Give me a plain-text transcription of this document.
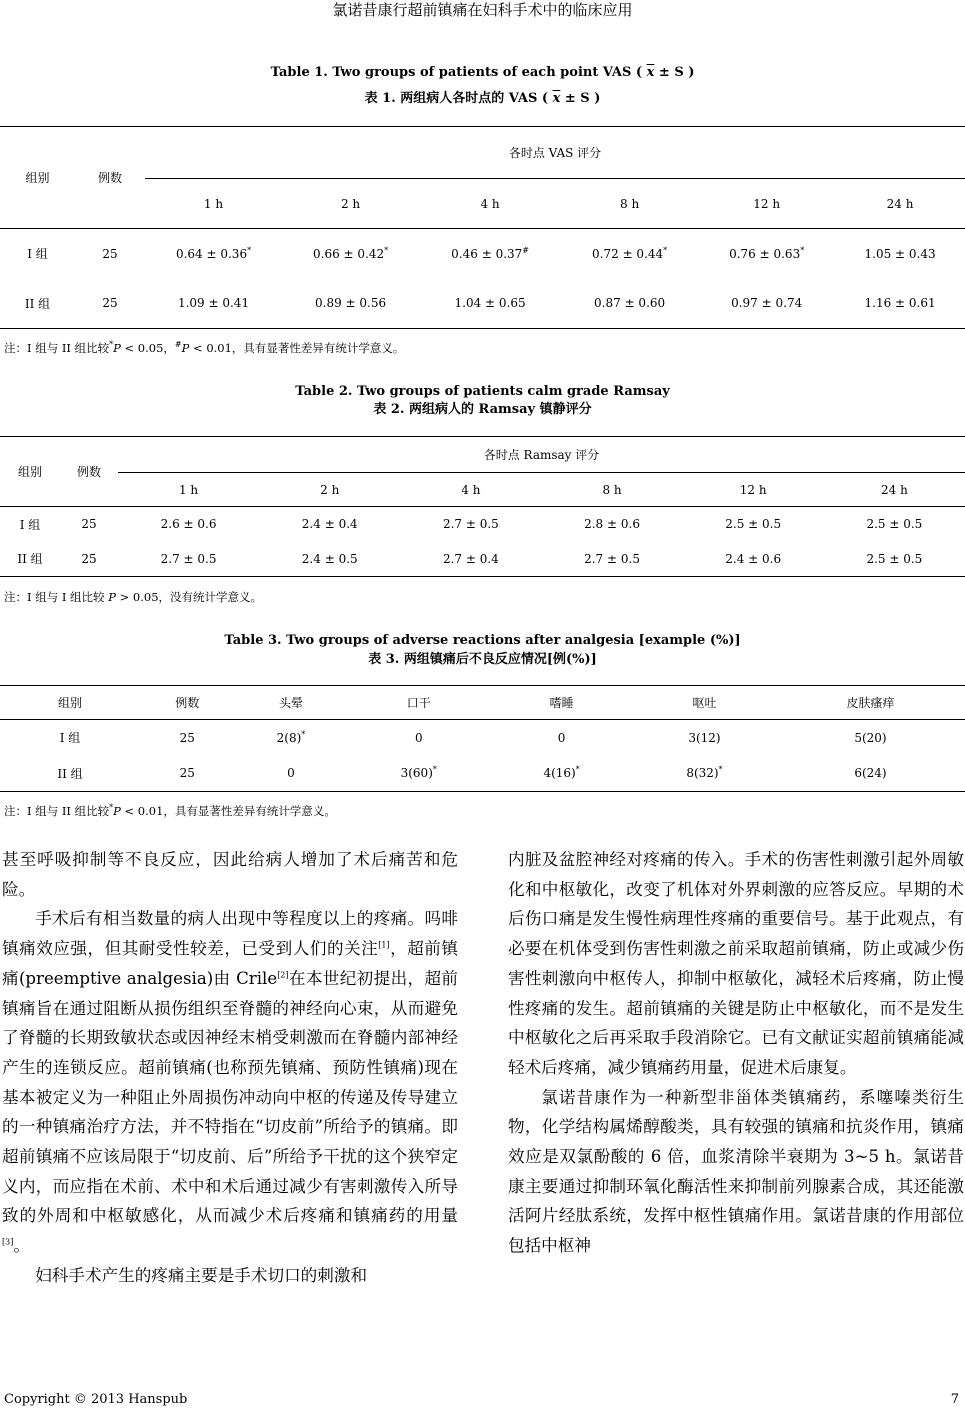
氯诺昔康行超前镇痛在妇科手术中的临床应用
Table 1. Two groups of patients of each point VAS ( $\overline{x} \pm S$ )
表 1. 两组病人各时点的 VAS ( $\overline{x} \pm S$ )
组别	例数	各时点 VAS 评分					
		1 h	2 h	4 h	8 h	12 h	24 h
I 组	25	0.64 ± 0.36*	0.66 ± 0.42*	0.46 ± 0.37#	0.72 ± 0.44*	0.76 ± 0.63*	1.05 ± 0.43
II 组	25	1.09 ± 0.41	0.89 ± 0.56	1.04 ± 0.65	0.87 ± 0.60	0.97 ± 0.74	1.16 ± 0.61
注：I 组与 II 组比较*P < 0.05，#P < 0.01，具有显著性差异有统计学意义。
Table 2. Two groups of patients calm grade Ramsay
表 2. 两组病人的 Ramsay 镇静评分
组别	例数	各时点 Ramsay 评分					
		1 h	2 h	4 h	8 h	12 h	24 h
I 组	25	2.6 ± 0.6	2.4 ± 0.4	2.7 ± 0.5	2.8 ± 0.6	2.5 ± 0.5	2.5 ± 0.5
II 组	25	2.7 ± 0.5	2.4 ± 0.5	2.7 ± 0.4	2.7 ± 0.5	2.4 ± 0.6	2.5 ± 0.5
注：I 组与 I 组比较 P > 0.05，没有统计学意义。
Table 3. Two groups of adverse reactions after analgesia [example (%)]
表 3. 两组镇痛后不良反应情况[例(%)]
组别	例数	头晕	口干	嗜睡	呕吐	皮肤瘙痒
I 组	25	2(8)*	0	0	3(12)	5(20)
II 组	25	0	3(60)*	4(16)*	8(32)*	6(24)
注：I 组与 II 组比较*P < 0.01，具有显著性差异有统计学意义。

甚至呼吸抑制等不良反应，因此给病人增加了术后痛苦和危险。

手术后有相当数量的病人出现中等程度以上的疼痛。吗啡镇痛效应强，但其耐受性较差，已受到人们的关注[1]，超前镇痛(preemptive analgesia)由 Crile[2]在本世纪初提出，超前镇痛旨在通过阻断从损伤组织至脊髓的神经向心束，从而避免了脊髓的长期致敏状态或因神经末梢受刺激而在脊髓内部神经产生的连锁反应。超前镇痛(也称预先镇痛、预防性镇痛)现在基本被定义为一种阻止外周损伤冲动向中枢的传递及传导建立的一种镇痛治疗方法，并不特指在“切皮前”所给予的镇痛。即超前镇痛不应该局限于“切皮前、后”所给予干扰的这个狭窄定义内，而应指在术前、术中和术后通过减少有害刺激传入所导致的外周和中枢敏感化，从而减少术后疼痛和镇痛药的用量[3]。

妇科手术产生的疼痛主要是手术切口的刺激和

内脏及盆腔神经对疼痛的传入。手术的伤害性刺激引起外周敏化和中枢敏化，改变了机体对外界刺激的应答反应。早期的术后伤口痛是发生慢性病理性疼痛的重要信号。基于此观点，有必要在机体受到伤害性刺激之前采取超前镇痛，防止或减少伤害性刺激向中枢传人，抑制中枢敏化，减轻术后疼痛，防止慢性疼痛的发生。超前镇痛的关键是防止中枢敏化，而不是发生中枢敏化之后再采取手段消除它。已有文献证实超前镇痛能减轻术后疼痛，减少镇痛药用量，促进术后康复。

氯诺昔康作为一种新型非甾体类镇痛药，系噻嗪类衍生物，化学结构属烯醇酸类，具有较强的镇痛和抗炎作用，镇痛效应是双氯酚酸的 6 倍，血浆清除半衰期为 3~5 h。氯诺昔康主要通过抑制环氧化酶活性来抑制前列腺素合成，其还能激活阿片经肽系统，发挥中枢性镇痛作用。氯诺昔康的作用部位包括中枢神

Copyright © 2013 Hanspub	7
